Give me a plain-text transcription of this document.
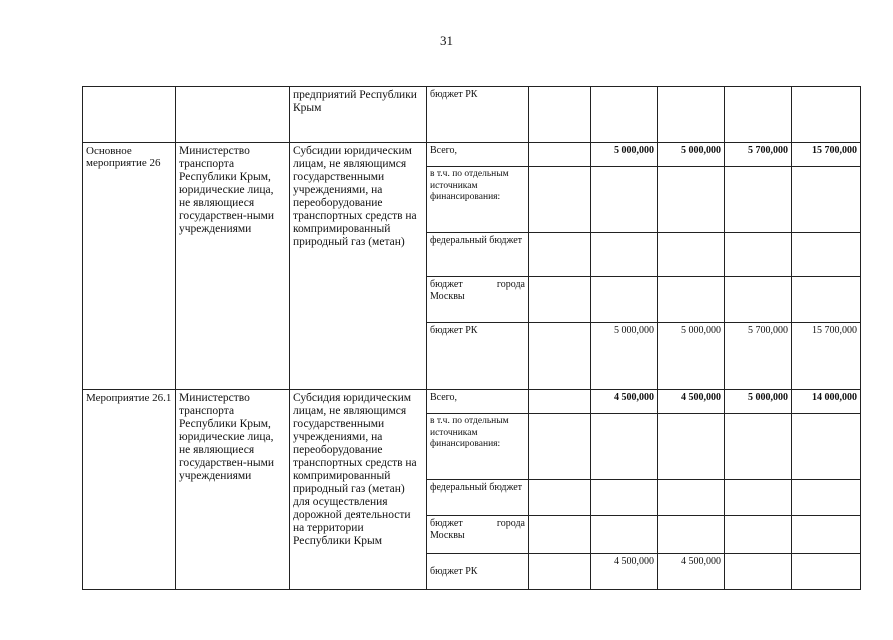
31
		предприятий Республики Крым	бюджет РК					
Основное мероприятие 26	Министерство транспорта Республики Крым, юридические лица, не являющиеся государствен-ными учреждениями	Субсидии юридическим лицам, не являющимся государственными учреждениями, на переоборудование транспортных средств на компримированный природный газ (метан)	Всего,		5 000,000	5 000,000	5 700,000	15 700,000
			в т.ч. по отдельным источникам финансирования:					
			федеральный бюджет					

			бюджет города
Москвы					

			бюджет РК		5 000,000	5 000,000	5 700,000	15 700,000
Мероприятие 26.1	Министерство транспорта Республики Крым, юридические лица, не являющиеся государствен-ными учреждениями	Субсидия юридическим лицам, не являющимся государственными учреждениями, на переоборудование транспортных средств на компримированный природный газ (метан) для осуществления дорожной деятельности на территории Республики Крым	Всего,		4 500,000	4 500,000	5 000,000	14 000,000
			в т.ч. по отдельным источникам финансирования:					
			федеральный бюджет					

			бюджет города
Москвы					

			бюджет РК		4 500,000	4 500,000		
